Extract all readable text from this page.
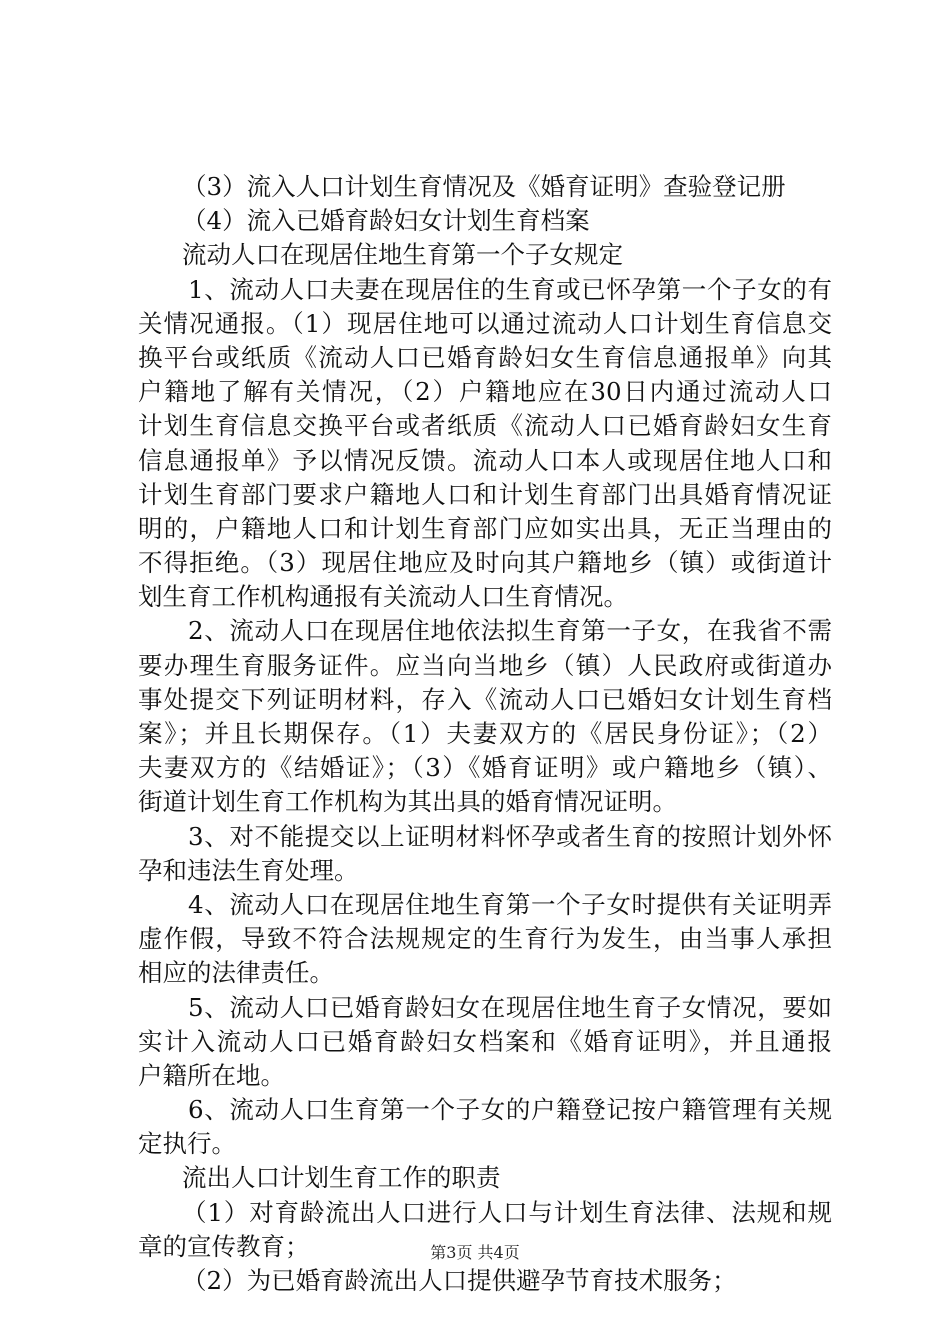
（3）流入人口计划生育情况及《婚育证明》查验登记册
（4）流入已婚育龄妇女计划生育档案
流动人口在现居住地生育第一个子女规定
1、流动人口夫妻在现居住的生育或已怀孕第一个子女的有
关情况通报。（1）现居住地可以通过流动人口计划生育信息交
换平台或纸质《流动人口已婚育龄妇女生育信息通报单》向其
户籍地了解有关情况，（2）户籍地应在30日内通过流动人口
计划生育信息交换平台或者纸质《流动人口已婚育龄妇女生育
信息通报单》予以情况反馈。流动人口本人或现居住地人口和
计划生育部门要求户籍地人口和计划生育部门出具婚育情况证
明的，户籍地人口和计划生育部门应如实出具，无正当理由的
不得拒绝。（3）现居住地应及时向其户籍地乡（镇）或街道计
划生育工作机构通报有关流动人口生育情况。
2、流动人口在现居住地依法拟生育第一子女，在我省不需
要办理生育服务证件。应当向当地乡（镇）人民政府或街道办
事处提交下列证明材料，存入《流动人口已婚妇女计划生育档
案》；并且长期保存。（1）夫妻双方的《居民身份证》；（2）
夫妻双方的《结婚证》；（3）《婚育证明》或户籍地乡（镇）、
街道计划生育工作机构为其出具的婚育情况证明。
3、对不能提交以上证明材料怀孕或者生育的按照计划外怀
孕和违法生育处理。
4、流动人口在现居住地生育第一个子女时提供有关证明弄
虚作假，导致不符合法规规定的生育行为发生，由当事人承担
相应的法律责任。
5、流动人口已婚育龄妇女在现居住地生育子女情况，要如
实计入流动人口已婚育龄妇女档案和《婚育证明》，并且通报
户籍所在地。
6、流动人口生育第一个子女的户籍登记按户籍管理有关规
定执行。
流出人口计划生育工作的职责
（1）对育龄流出人口进行人口与计划生育法律、法规和规
章的宣传教育；
（2）为已婚育龄流出人口提供避孕节育技术服务；
第3页 共4页
